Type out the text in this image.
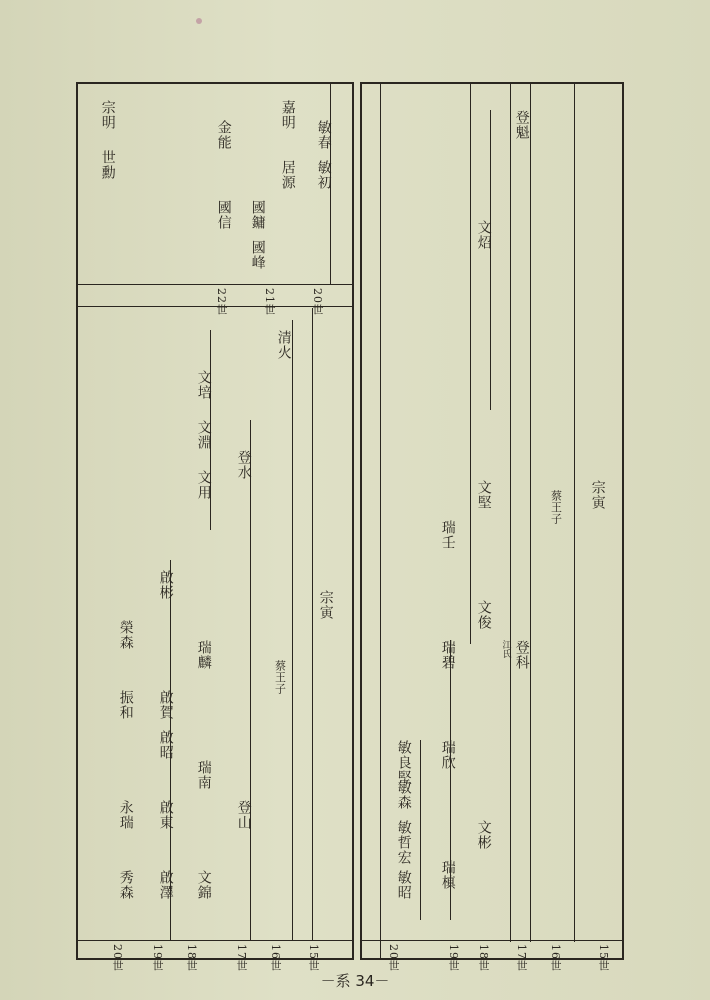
20世	19世 18世 17世 16世	15世
20世 19世 18世	17世 16世 15世
22世	21世	20世
宗寅
蔡王子
登魁
登科
江氏
文彬
文俊
文堅
文炤
瑞欣
瑞碧
瑞壬
瑞槙
敏良堅
敏森
敏哲宏
敏昭
宗寅
蔡王子
登山
登水
清火
文錦
瑞南
瑞麟
文用
文淵
文培
啟澤
啟東
啟昭
啟賀
啟彬
秀森
永瑞
振和
榮森
敏初
敏春
居源
嘉明
國鏞
國峰
國信
金能
宗明
世勳
－系 34－
